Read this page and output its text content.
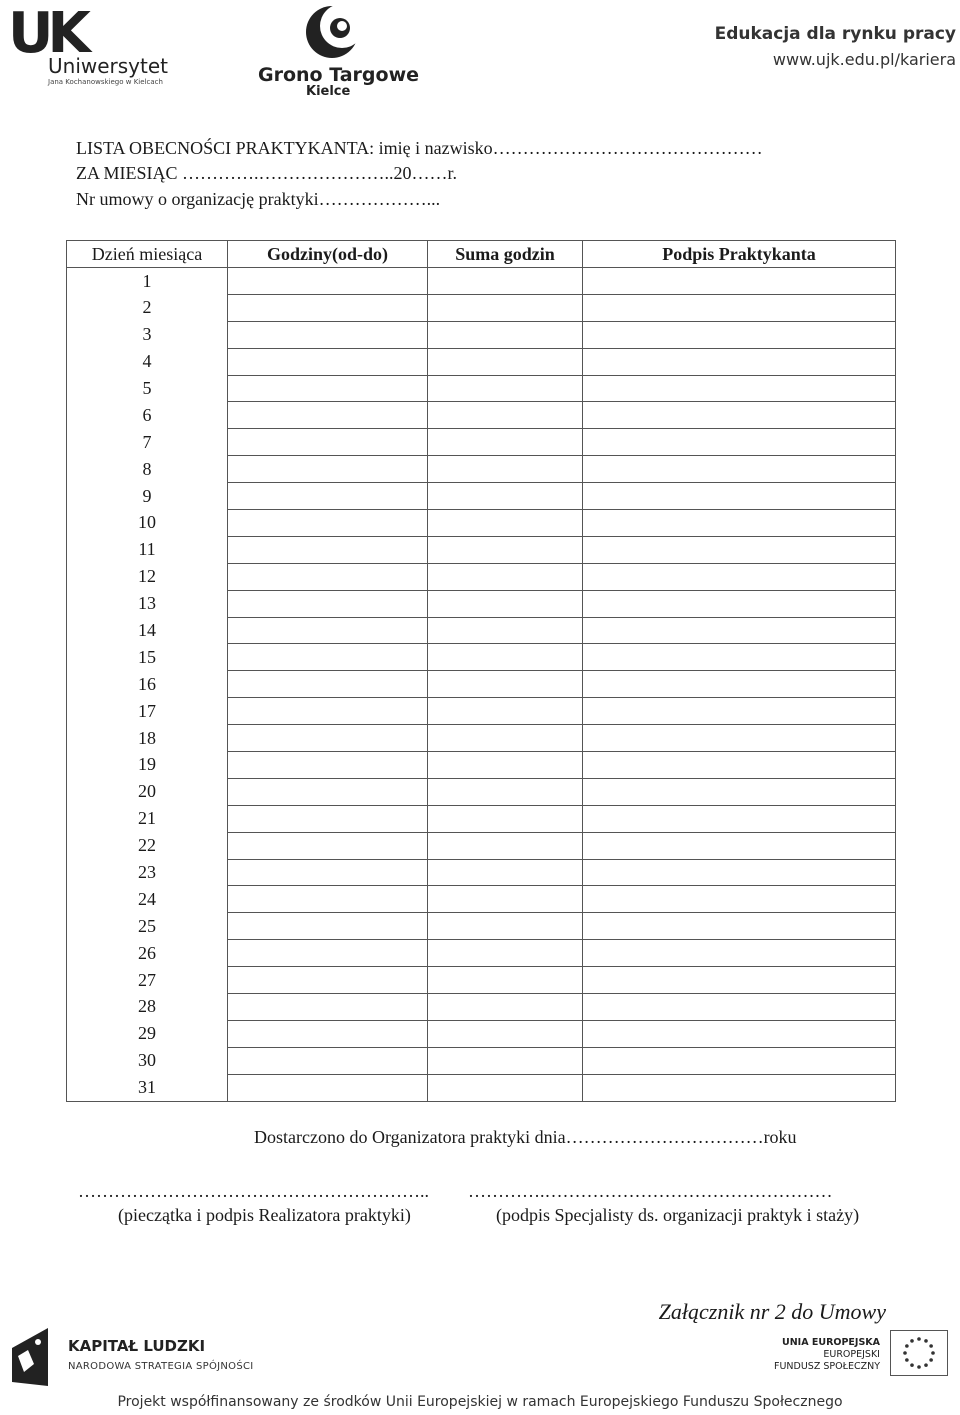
UK
Uniwersytet
Jana Kochanowskiego w Kielcach	Grono Targowe
Kielce
Edukacja dla rynku pracy
www.ujk.edu.pl/kariera
LISTA OBECNOŚCI PRAKTYKANTA: imię i nazwisko………………………………………
ZA MIESIĄC ………….…………………..20……r.
Nr umowy o organizację praktyki………………...
Dzień miesiąca	Godziny(od-do)	Suma godzin	Podpis Praktykanta
1			
2			
3			
4			
5			
6			
7			
8			
9			
10			
11			
12			
13			
14			
15			
16			
17			
18			
19			
20			
21			
22			
23			
24			
25			
26			
27			
28			
29			
30			
31			
Dostarczono do Organizatora praktyki dnia……………………………roku
………………………………………………….. ………….…………………………………………
(pieczątka i podpis Realizatora praktyki)	(podpis Specjalisty ds. organizacji praktyk i staży)
Załącznik nr 2 do Umowy
KAPITAŁ LUDZKI
NARODOWA STRATEGIA SPÓJNOŚCI
UNIA EUROPEJSKA
EUROPEJSKI
FUNDUSZ SPOŁECZNY
Projekt współfinansowany ze środków Unii Europejskiej w ramach Europejskiego Funduszu Społecznego
